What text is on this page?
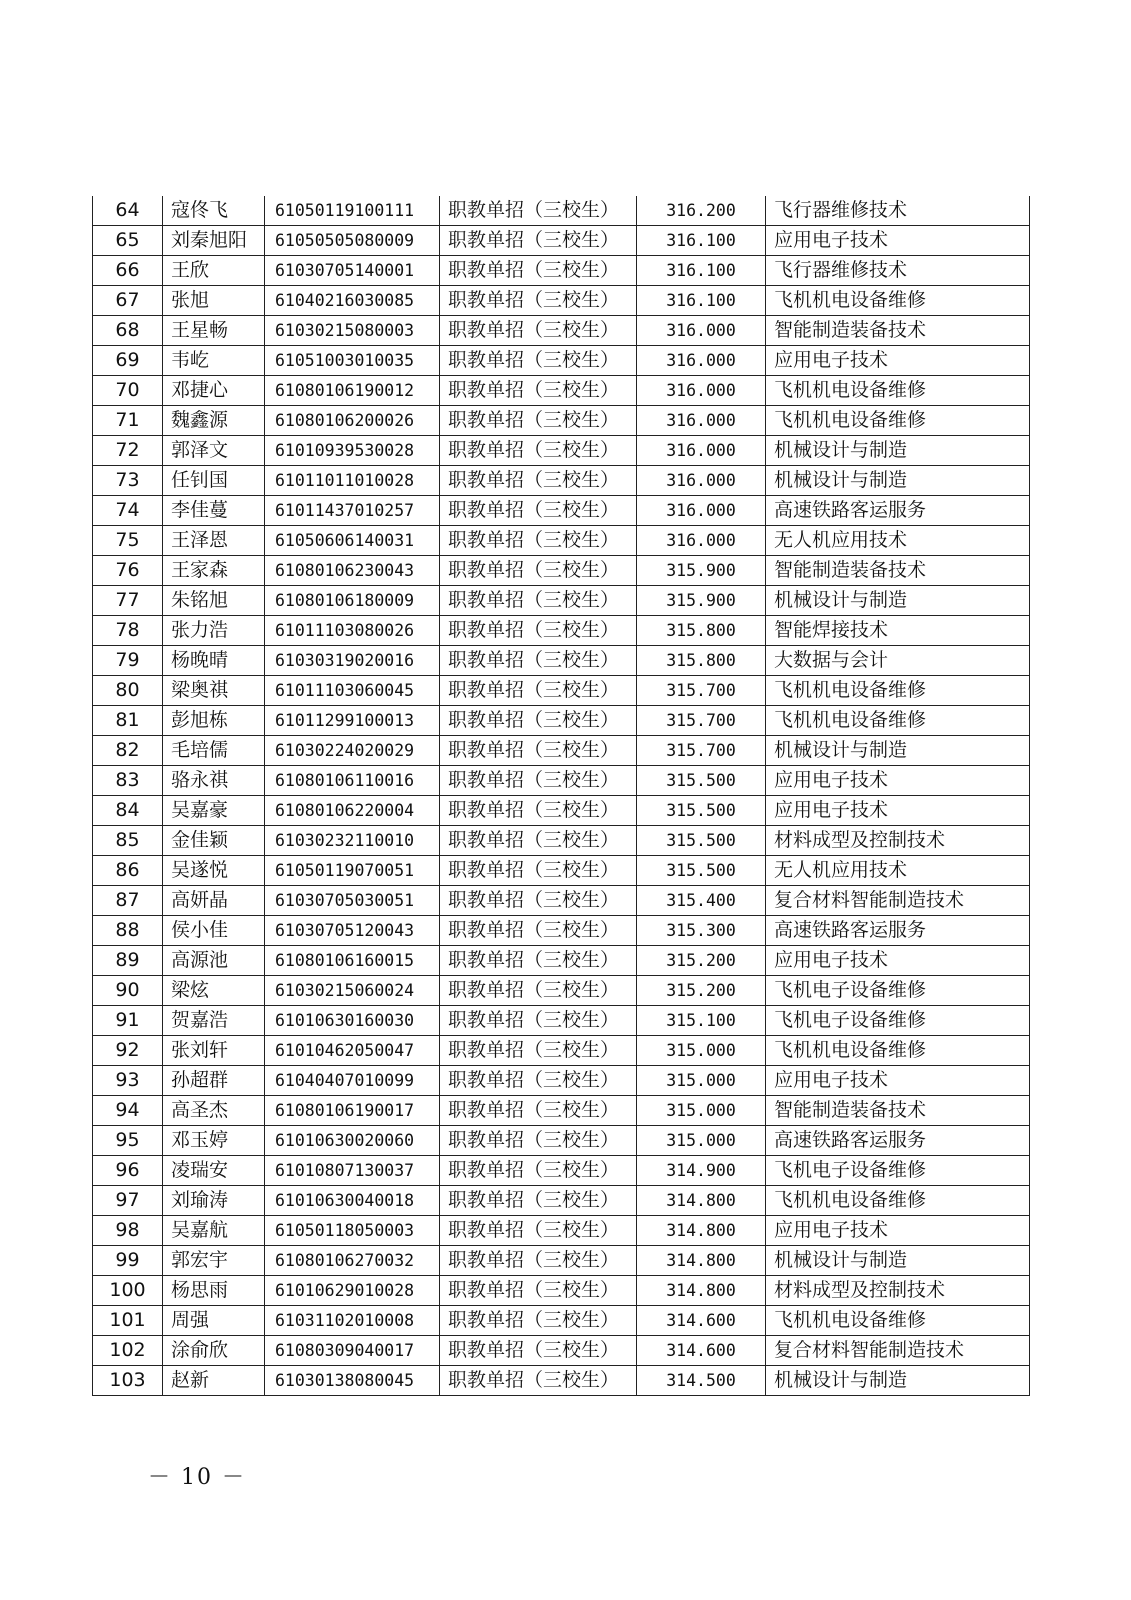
64	寇佟飞	61050119100111	职教单招（三校生）	316.200	飞行器维修技术
65	刘秦旭阳	61050505080009	职教单招（三校生）	316.100	应用电子技术
66	王欣	61030705140001	职教单招（三校生）	316.100	飞行器维修技术
67	张旭	61040216030085	职教单招（三校生）	316.100	飞机机电设备维修
68	王星畅	61030215080003	职教单招（三校生）	316.000	智能制造装备技术
69	韦屹	61051003010035	职教单招（三校生）	316.000	应用电子技术
70	邓捷心	61080106190012	职教单招（三校生）	316.000	飞机机电设备维修
71	魏鑫源	61080106200026	职教单招（三校生）	316.000	飞机机电设备维修
72	郭泽文	61010939530028	职教单招（三校生）	316.000	机械设计与制造
73	任钊国	61011011010028	职教单招（三校生）	316.000	机械设计与制造
74	李佳蔓	61011437010257	职教单招（三校生）	316.000	高速铁路客运服务
75	王泽恩	61050606140031	职教单招（三校生）	316.000	无人机应用技术
76	王家森	61080106230043	职教单招（三校生）	315.900	智能制造装备技术
77	朱铭旭	61080106180009	职教单招（三校生）	315.900	机械设计与制造
78	张力浩	61011103080026	职教单招（三校生）	315.800	智能焊接技术
79	杨晚晴	61030319020016	职教单招（三校生）	315.800	大数据与会计
80	梁奥祺	61011103060045	职教单招（三校生）	315.700	飞机机电设备维修
81	彭旭栋	61011299100013	职教单招（三校生）	315.700	飞机机电设备维修
82	毛培儒	61030224020029	职教单招（三校生）	315.700	机械设计与制造
83	骆永祺	61080106110016	职教单招（三校生）	315.500	应用电子技术
84	吴嘉豪	61080106220004	职教单招（三校生）	315.500	应用电子技术
85	金佳颖	61030232110010	职教单招（三校生）	315.500	材料成型及控制技术
86	吴遂悦	61050119070051	职教单招（三校生）	315.500	无人机应用技术
87	高妍晶	61030705030051	职教单招（三校生）	315.400	复合材料智能制造技术
88	侯小佳	61030705120043	职教单招（三校生）	315.300	高速铁路客运服务
89	高源池	61080106160015	职教单招（三校生）	315.200	应用电子技术
90	梁炫	61030215060024	职教单招（三校生）	315.200	飞机电子设备维修
91	贺嘉浩	61010630160030	职教单招（三校生）	315.100	飞机电子设备维修
92	张刘轩	61010462050047	职教单招（三校生）	315.000	飞机机电设备维修
93	孙超群	61040407010099	职教单招（三校生）	315.000	应用电子技术
94	高圣杰	61080106190017	职教单招（三校生）	315.000	智能制造装备技术
95	邓玉婷	61010630020060	职教单招（三校生）	315.000	高速铁路客运服务
96	凌瑞安	61010807130037	职教单招（三校生）	314.900	飞机电子设备维修
97	刘瑜涛	61010630040018	职教单招（三校生）	314.800	飞机机电设备维修
98	吴嘉航	61050118050003	职教单招（三校生）	314.800	应用电子技术
99	郭宏宇	61080106270032	职教单招（三校生）	314.800	机械设计与制造
100	杨思雨	61010629010028	职教单招（三校生）	314.800	材料成型及控制技术
101	周强	61031102010008	职教单招（三校生）	314.600	飞机机电设备维修
102	涂俞欣	61080309040017	职教单招（三校生）	314.600	复合材料智能制造技术
103	赵新	61030138080045	职教单招（三校生）	314.500	机械设计与制造
－ 10 －
